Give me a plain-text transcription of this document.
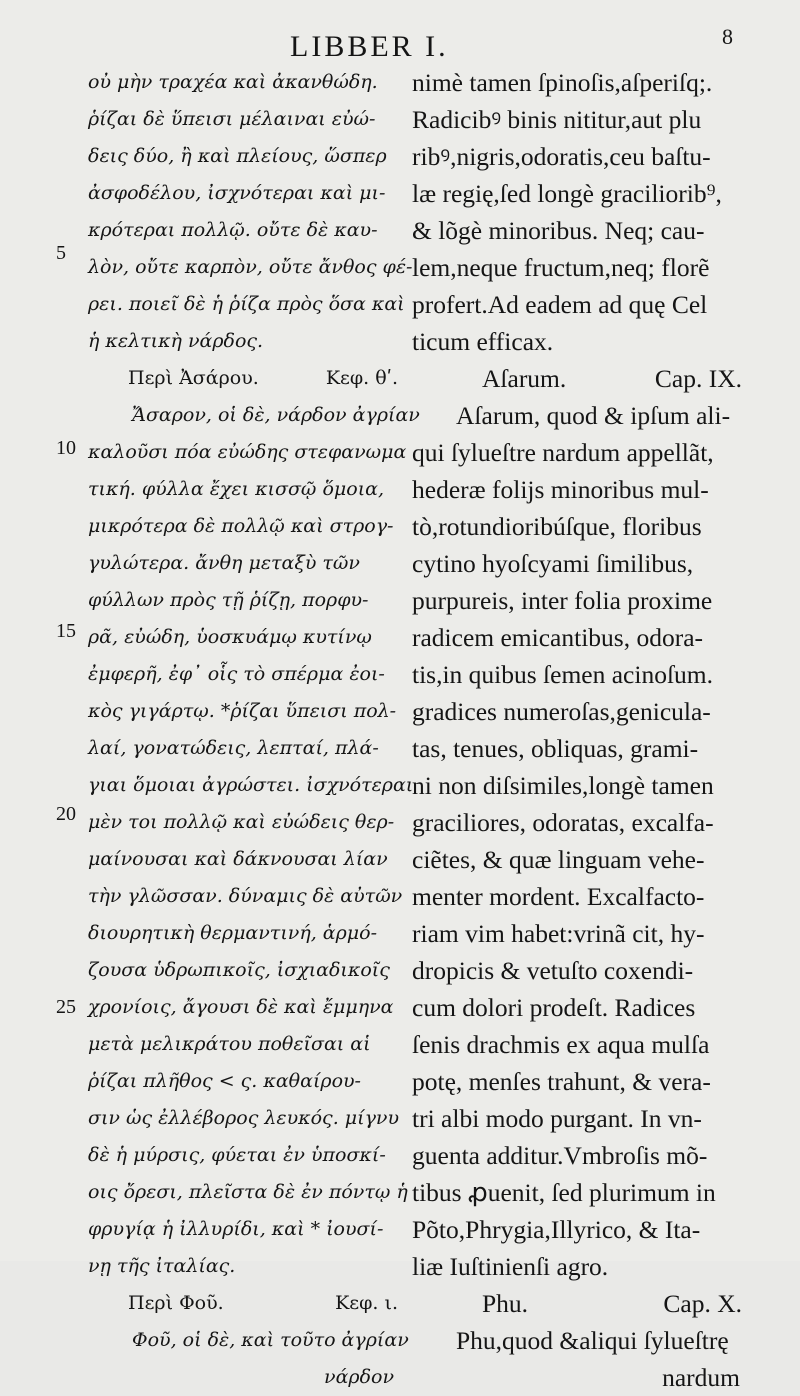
LIBBER I.	8
5
10
15
20
25
οὐ μὴν τραχέα καὶ ἀκανθώδη.
ῥίζαι δὲ ὕπεισι μέλαιναι εὐώ-
δεις δύο, ἢ καὶ πλείους, ὥσπερ
ἀσφοδέλου, ἰσχνότεραι καὶ μι-
κρότεραι πολλῷ. οὔτε δὲ καυ-
λὸν, οὔτε καρπὸν, οὔτε ἄνθος φέ-
ρει. ποιεῖ δὲ ἡ ῥίζα πρὸς ὅσα καὶ
ἡ κελτικὴ νάρδος.
Περὶ Ἀσάρου.	Κεφ. θʹ.
Ἄσαρον, οἱ δὲ, νάρδον ἀγρίαν
καλοῦσι πόα εὐώδης στεφανωμα
τική. φύλλα ἔχει κισσῷ ὅμοια,
μικρότερα δὲ πολλῷ καὶ στρογ-
γυλώτερα. ἄνθη μεταξὺ τῶν
φύλλων πρὸς τῇ ῥίζῃ, πορφυ-
ρᾶ, εὐώδη, ὑοσκυάμῳ κυτίνῳ
ἐμφερῆ, ἐφ᾽ οἷς τὸ σπέρμα ἐοι-
κὸς γιγάρτῳ. *ῥίζαι ὕπεισι πολ-
λαί, γονατώδεις, λεπταί, πλά-
γιαι ὅμοιαι ἀγρώστει. ἰσχνότεραι
μὲν τοι πολλῷ καὶ εὐώδεις θερ-
μαίνουσαι καὶ δάκνουσαι λίαν
τὴν γλῶσσαν. δύναμις δὲ αὐτῶν
διουρητικὴ θερμαντινή, ἁρμό-
ζουσα ὑδρωπικοῖς, ἰσχιαδικοῖς
χρονίοις, ἄγουσι δὲ καὶ ἔμμηνα
μετὰ μελικράτου ποθεῖσαι αἱ
ῥίζαι πλῆθος < ς. καθαίρου-
σιν ὡς ἐλλέβορος λευκός. μίγνυ
δὲ ἡ μύρσις, φύεται ἐν ὑποσκί-
οις ὄρεσι, πλεῖστα δὲ ἐν πόντῳ ἡ
φρυγίᾳ ἡ ἰλλυρίδι, καὶ * ἰουσί-
νῃ τῆς ἰταλίας.
Περὶ Φοῦ.	Κεφ. ι.
Φοῦ, οἱ δὲ, καὶ τοῦτο ἀγρίαν
νάρδον
nimè tamen ſpinoſis,aſperiſq;.
Radicibꝰ binis nititur,aut plu
ribꝰ,nigris,odoratis,ceu baſtu-
læ regię,ſed longè graciliorib⁹,
& lõgè minoribus. Neq; cau-
lem,neque fructum,neq; florẽ
profert.Ad eadem ad quę Cel
ticum efficax.
Aſarum.	Cap. IX.
Aſarum, quod & ipſum ali-
qui ſylueſtre nardum appellãt,
hederæ folijs minoribus mul-
tò,rotundioribúſque, floribus
cytino hyoſcyami ſimilibus,
purpureis, inter folia proxime
radicem emicantibus, odora-
tis,in quibus ſemen acinoſum.
gradices numeroſas,genicula-
tas, tenues, obliquas, grami-
ni non diſsimiles,longè tamen
graciliores, odoratas, excalfa-
ciẽtes, & quæ linguam vehe-
menter mordent. Excalfacto-
riam vim habet:vrinã cit, hy-
dropicis & vetuſto coxendi-
cum dolori prodeſt. Radices
ſenis drachmis ex aqua mulſa
potę, menſes trahunt, & vera-
tri albi modo purgant. In vn-
guenta additur.Vmbroſis mõ-
tibus ꝓuenit, ſed plurimum in
Põto,Phrygia,Illyrico, & Ita-
liæ Iuſtinienſi agro.
Phu.	Cap. X.
Phu,quod &aliqui ſylueſtrę
nardum
